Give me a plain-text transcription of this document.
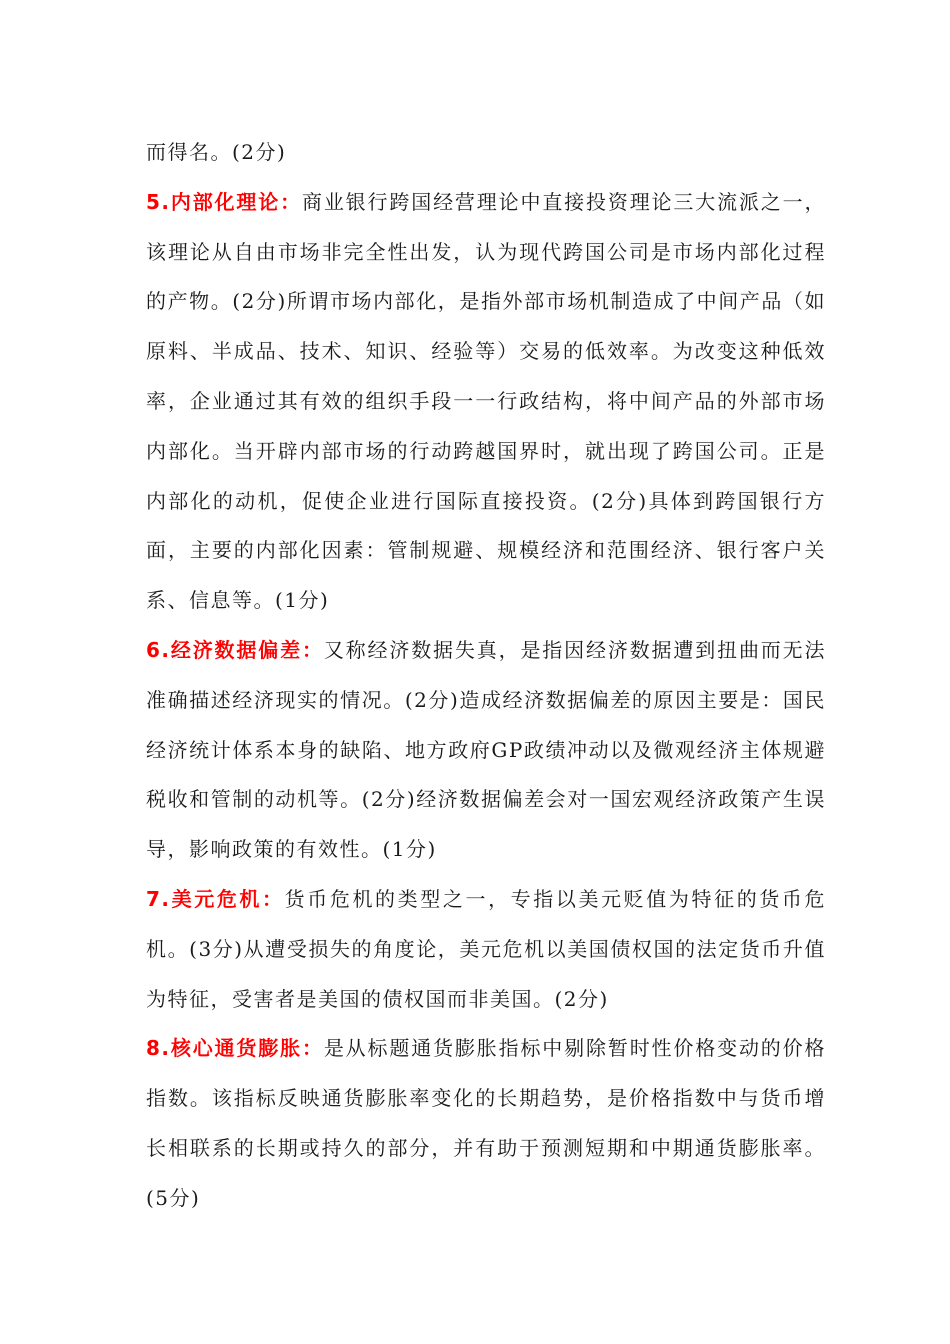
而得名。(2分)

5.内部化理论：商业银行跨国经营理论中直接投资理论三大流派之一，该理论从自由市场非完全性出发，认为现代跨国公司是市场内部化过程的产物。(2分)所谓市场内部化，是指外部市场机制造成了中间产品（如原料、半成品、技术、知识、经验等）交易的低效率。为改变这种低效率，企业通过其有效的组织手段一一行政结构，将中间产品的外部市场内部化。当开辟内部市场的行动跨越国界时，就出现了跨国公司。正是内部化的动机，促使企业进行国际直接投资。(2分)具体到跨国银行方面，主要的内部化因素：管制规避、规模经济和范围经济、银行客户关系、信息等。(1分)

6.经济数据偏差：又称经济数据失真，是指因经济数据遭到扭曲而无法准确描述经济现实的情况。(2分)造成经济数据偏差的原因主要是：国民经济统计体系本身的缺陷、地方政府GP政绩冲动以及微观经济主体规避税收和管制的动机等。(2分)经济数据偏差会对一国宏观经济政策产生误导，影响政策的有效性。(1分)

7.美元危机：货币危机的类型之一，专指以美元贬值为特征的货币危机。(3分)从遭受损失的角度论，美元危机以美国债权国的法定货币升值为特征，受害者是美国的债权国而非美国。(2分)

8.核心通货膨胀：是从标题通货膨胀指标中剔除暂时性价格变动的价格指数。该指标反映通货膨胀率变化的长期趋势，是价格指数中与货币增长相联系的长期或持久的部分，并有助于预测短期和中期通货膨胀率。(5分)
